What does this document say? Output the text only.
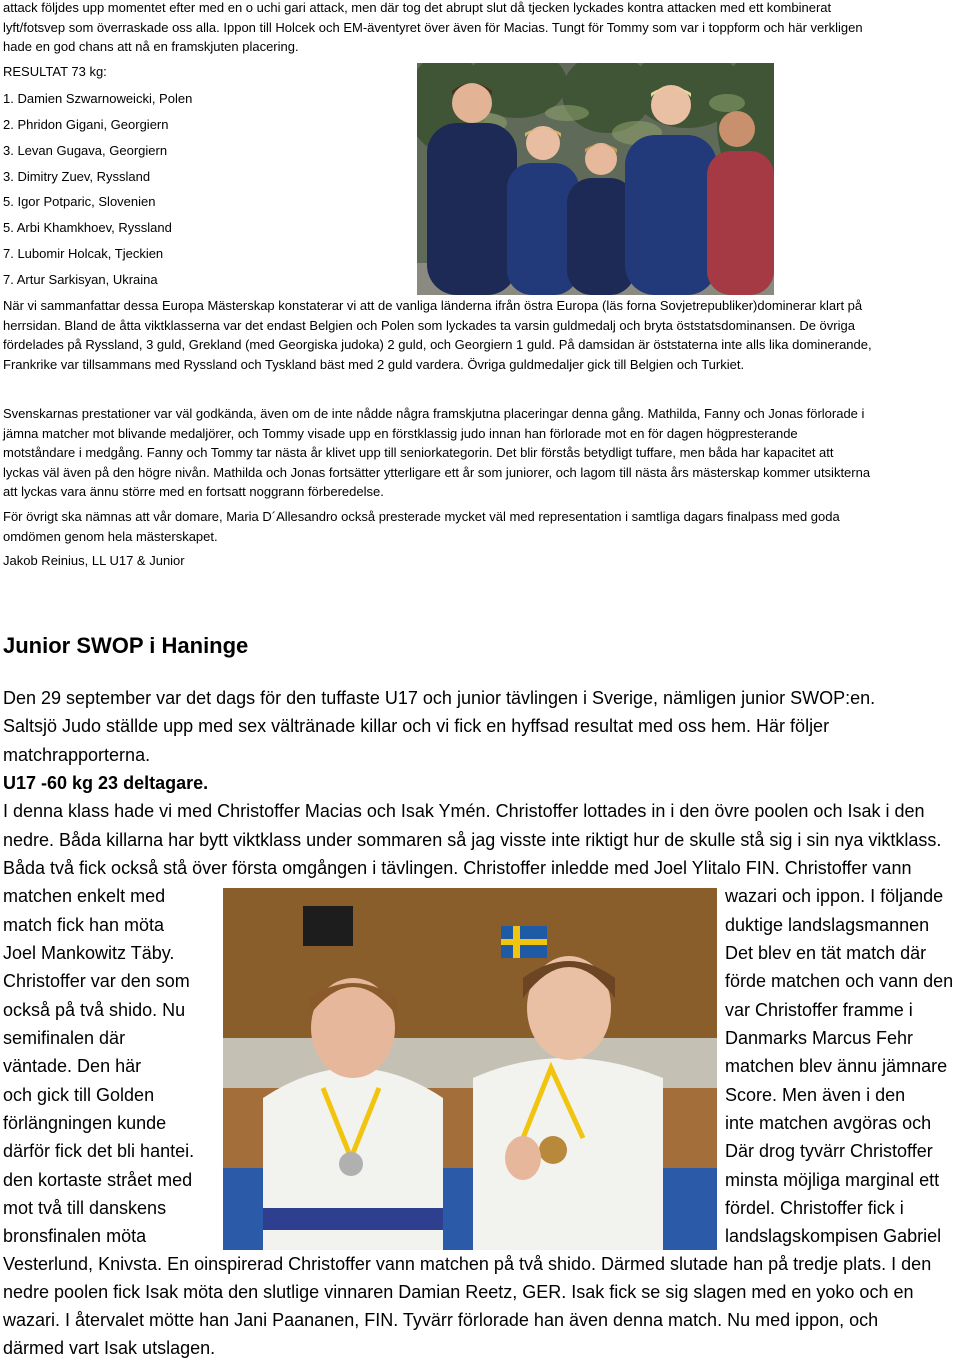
attack följdes upp momentet efter med en o uchi gari attack, men där tog det abrupt slut då tjecken lyckades kontra attacken med ett kombinerat
lyft/fotsvep som överraskade oss alla. Ippon till Holcek och EM-äventyret över även för Macias. Tungt för Tommy som var i toppform och här verkligen
hade en god chans att nå en framskjuten placering.
RESULTAT 73 kg:
1. Damien Szwarnoweicki, Polen
2. Phridon Gigani, Georgiern
3. Levan Gugava, Georgiern
3. Dimitry Zuev, Ryssland
5. Igor Potparic, Slovenien
5. Arbi Khamkhoev, Ryssland
7. Lubomir Holcak, Tjeckien
7. Artur Sarkisyan, Ukraina
När vi sammanfattar dessa Europa Mästerskap konstaterar vi att de vanliga länderna ifrån östra Europa (läs forna Sovjetrepubliker)dominerar klart på
herrsidan. Bland de åtta viktklasserna var det endast Belgien och Polen som lyckades ta varsin guldmedalj och bryta öststatsdominansen. De övriga
fördelades på Ryssland, 3 guld, Grekland (med Georgiska judoka) 2 guld, och Georgiern 1 guld. På damsidan är öststaterna inte alls lika dominerande,
Frankrike var tillsammans med Ryssland och Tyskland bäst med 2 guld vardera. Övriga guldmedaljer gick till Belgien och Turkiet.
Svenskarnas prestationer var väl godkända, även om de inte nådde några framskjutna placeringar denna gång. Mathilda, Fanny och Jonas förlorade i
jämna matcher mot blivande medaljörer, och Tommy visade upp en förstklassig judo innan han förlorade mot en för dagen högpresterande
motståndare i medgång. Fanny och Tommy tar nästa år klivet upp till seniorkategorin. Det blir förstås betydligt tuffare, men båda har kapacitet att
lyckas väl även på den högre nivån. Mathilda och Jonas fortsätter ytterligare ett år som juniorer, och lagom till nästa års mästerskap kommer utsikterna
att lyckas vara ännu större med en fortsatt noggrann förberedelse.
För övrigt ska nämnas att vår domare, Maria D´Allesandro också presterade mycket väl med representation i samtliga dagars finalpass med goda
omdömen genom hela mästerskapet.
Jakob Reinius, LL U17 & Junior
Junior SWOP i Haninge
Den 29 september var det dags för den tuffaste U17 och junior tävlingen i Sverige, nämligen junior SWOP:en.
Saltsjö Judo ställde upp med sex vältränade killar och vi fick en hyffsad resultat med oss hem. Här följer
matchrapporterna.
U17 -60 kg 23 deltagare.
I denna klass hade vi med Christoffer Macias och Isak Ymén. Christoffer lottades in i den övre poolen och Isak i den
nedre. Båda killarna har bytt viktklass under sommaren så jag visste inte riktigt hur de skulle stå sig i sin nya viktklass.
Båda två fick också stå över första omgången i tävlingen. Christoffer inledde med Joel Ylitalo FIN. Christoffer vann
matchen enkelt med
match fick han möta
Joel Mankowitz Täby.
Christoffer var den som
också på två shido. Nu
semifinalen där
väntade. Den här
och gick till Golden
förlängningen kunde
därför fick det bli hantei.
den kortaste strået med
mot två till danskens
bronsfinalen möta
wazari och ippon. I följande
duktige landslagsmannen
Det blev en tät match där
förde matchen och vann den
var Christoffer framme i
Danmarks Marcus Fehr
matchen blev ännu jämnare
Score. Men även i den
inte matchen avgöras och
Där drog tyvärr Christoffer
minsta möjliga marginal ett
fördel. Christoffer fick i
landslagskompisen Gabriel
Vesterlund, Knivsta. En oinspirerad Christoffer vann matchen på två shido. Därmed slutade han på tredje plats. I den
nedre poolen fick Isak möta den slutlige vinnaren Damian Reetz, GER. Isak fick se sig slagen med en yoko och en
wazari. I återvalet mötte han Jani Paananen, FIN. Tyvärr förlorade han även denna match. Nu med ippon, och
därmed vart Isak utslagen.
